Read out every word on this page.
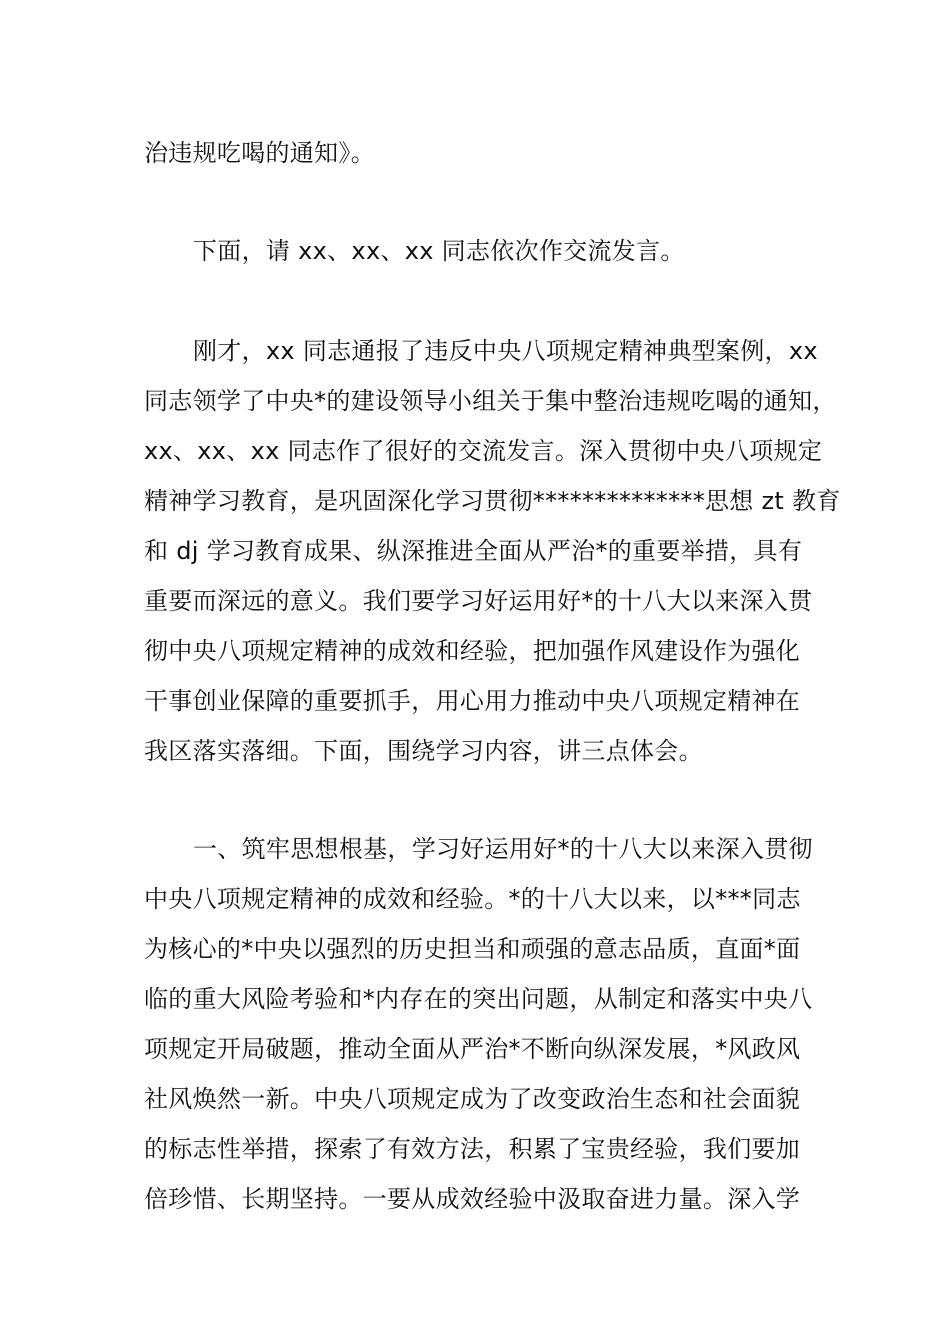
治违规吃喝的通知》。
下面，请 xx、xx、xx 同志依次作交流发言。
刚才，xx 同志通报了违反中央八项规定精神典型案例，xx
同志领学了中央*的建设领导小组关于集中整治违规吃喝的通知，
xx、xx、xx 同志作了很好的交流发言。深入贯彻中央八项规定
精神学习教育，是巩固深化学习贯彻**************思想 zt 教育
和 dj 学习教育成果、纵深推进全面从严治*的重要举措，具有
重要而深远的意义。我们要学习好运用好*的十八大以来深入贯
彻中央八项规定精神的成效和经验，把加强作风建设作为强化
干事创业保障的重要抓手，用心用力推动中央八项规定精神在
我区落实落细。下面，围绕学习内容，讲三点体会。
一、筑牢思想根基，学习好运用好*的十八大以来深入贯彻
中央八项规定精神的成效和经验。*的十八大以来，以***同志
为核心的*中央以强烈的历史担当和顽强的意志品质，直面*面
临的重大风险考验和*内存在的突出问题，从制定和落实中央八
项规定开局破题，推动全面从严治*不断向纵深发展，*风政风
社风焕然一新。中央八项规定成为了改变政治生态和社会面貌
的标志性举措，探索了有效方法，积累了宝贵经验，我们要加
倍珍惜、长期坚持。一要从成效经验中汲取奋进力量。深入学
